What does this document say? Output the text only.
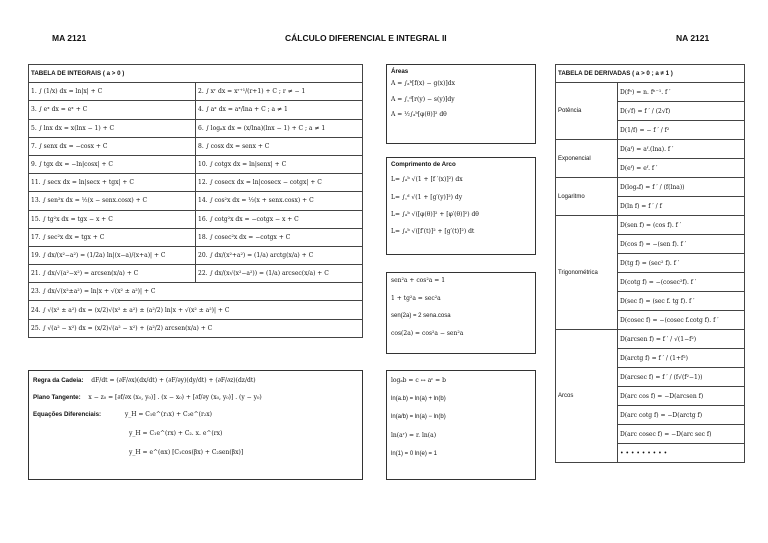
MA 2121	CÁLCULO DIFERENCIAL E INTEGRAL II	NA 2121
TABELA DE INTEGRAIS ( a > 0 )	
1. ∫ (1/x) dx = ln|x| + C	2. ∫ xʳ dx = xʳ⁺¹/(r+1) + C ; r ≠ − 1
3. ∫ eˣ dx = eˣ + C	4. ∫ aˣ dx = aˣ/lna + C ; a ≠ 1
5. ∫ lnx dx = x(lnx − 1) + C	6. ∫ logₐx dx = (x/lna)(lnx − 1) + C ; a ≠ 1
7. ∫ senx dx = −cosx + C	8. ∫ cosx dx = senx + C
9. ∫ tgx dx = −ln|cosx| + C	10. ∫ cotgx dx = ln|senx| + C
11. ∫ secx dx = ln|secx + tgx| + C	12. ∫ cosecx dx = ln|cosecx − cotgx| + C
13. ∫ sen²x dx = ½(x − senx.cosx) + C	14. ∫ cos²x dx = ½(x + senx.cosx) + C
15. ∫ tg²x dx = tgx − x + C	16. ∫ cotg²x dx = −cotgx − x + C
17. ∫ sec²x dx = tgx + C	18. ∫ cosec²x dx = −cotgx + C
19. ∫ dx/(x²−a²) = (1/2a) ln|(x−a)/(x+a)| + C	20. ∫ dx/(x²+a²) = (1/a) arctg(x/a) + C
21. ∫ dx/√(a²−x²) = arcsen(x/a) + C	22. ∫ dx/(x√(x²−a²)) = (1/a) arcsec(x/a) + C
23. ∫ dx/√(x²±a²) = ln|x + √(x² ± a²)| + C	
24. ∫ √(x² ± a²) dx = (x/2)√(x² ± a²) ± (a²/2) ln|x + √(x² ± a²)| + C	
25. ∫ √(a² − x²) dx = (x/2)√(a² − x²) + (a²/2) arcsen(x/a) + C	
Áreas
A = ∫ₐᵇ[f(x) − g(x)]dx
A = ∫꜀ᵈ[r(y) − s(y)]dy
A = ½∫ₐᵇ[φ(θ)]² dθ
Comprimento de Arco
L= ∫ₐᵇ √(1 + [f ′(x)]²) dx
L= ∫꜀ᵈ √(1 + [g′(y)]²) dy
L= ∫ₐᵇ √([φ(θ)]² + [φ′(θ)]²) dθ
L= ∫ₐᵇ √([f′(t)]² + [g′(t)]²) dt
sen²a + cos²a = 1
1 + tg²a = sec²a
sen(2a) = 2 sena.cosa
cos(2a) = cos²a − sen²a
logₐb = c ↔ aᶜ = b
ln(a.b) = ln(a) + ln(b)
ln(a/b) = ln(a) − ln(b)
ln(aʳ) = r. ln(a)
ln(1) = 0 ln(e) = 1
Regra da Cadeia: dF/dt = (∂F/∂x)(dx/dt) + (∂F/∂y)(dy/dt) + (∂F/∂z)(dz/dt)
Plano Tangente: x − z₀ = [∂f/∂x (x₀, y₀)] . (x − x₀) + [∂f/∂y (x₀, y₀)] . (y − y₀)
Equações Diferenciais:	y_H = C₁e^(r₁x) + C₂e^(r₂x)
y_H = C₁e^(rx) + C₂. x. e^(rx)
y_H = e^(αx) [C₁cos(βx) + C₂sen(βx)]
TABELA DE DERIVADAS ( a > 0 ; a ≠ 1 )	
Potência	D(fⁿ) = n. fⁿ⁻¹. f ′
	D(√f) = f ′ / (2√f)
	D(1/f) = − f ′ / f²
Exponencial	D(aᶠ) = aᶠ.(lna). f ′
	D(eᶠ) = eᶠ. f ′
Logaritmo	D(logₐf) = f ′ / (f(lna))
	D(ln f) = f ′ / f
Trigonométrica	D(sen f) = (cos f). f ′
	D(cos f) = −(sen f). f ′
	D(tg f) = (sec² f). f ′
	D(cotg f) = −(cosec²f). f ′
	D(sec f) = (sec f. tg f). f ′
	D(cosec f) = −(cosec f.cotg f). f ′
Arcos	D(arcsen f) = f ′ / √(1−f²)
	D(arctg f) = f ′ / (1+f²)
	D(arcsec f) = f ′ / (f√(f²−1))
	D(arc cos f) = −D(arcsen f)
	D(arc cotg f) = −D(arctg f)
	D(arc cosec f) = −D(arc sec f)
	• • • • • • • • •
